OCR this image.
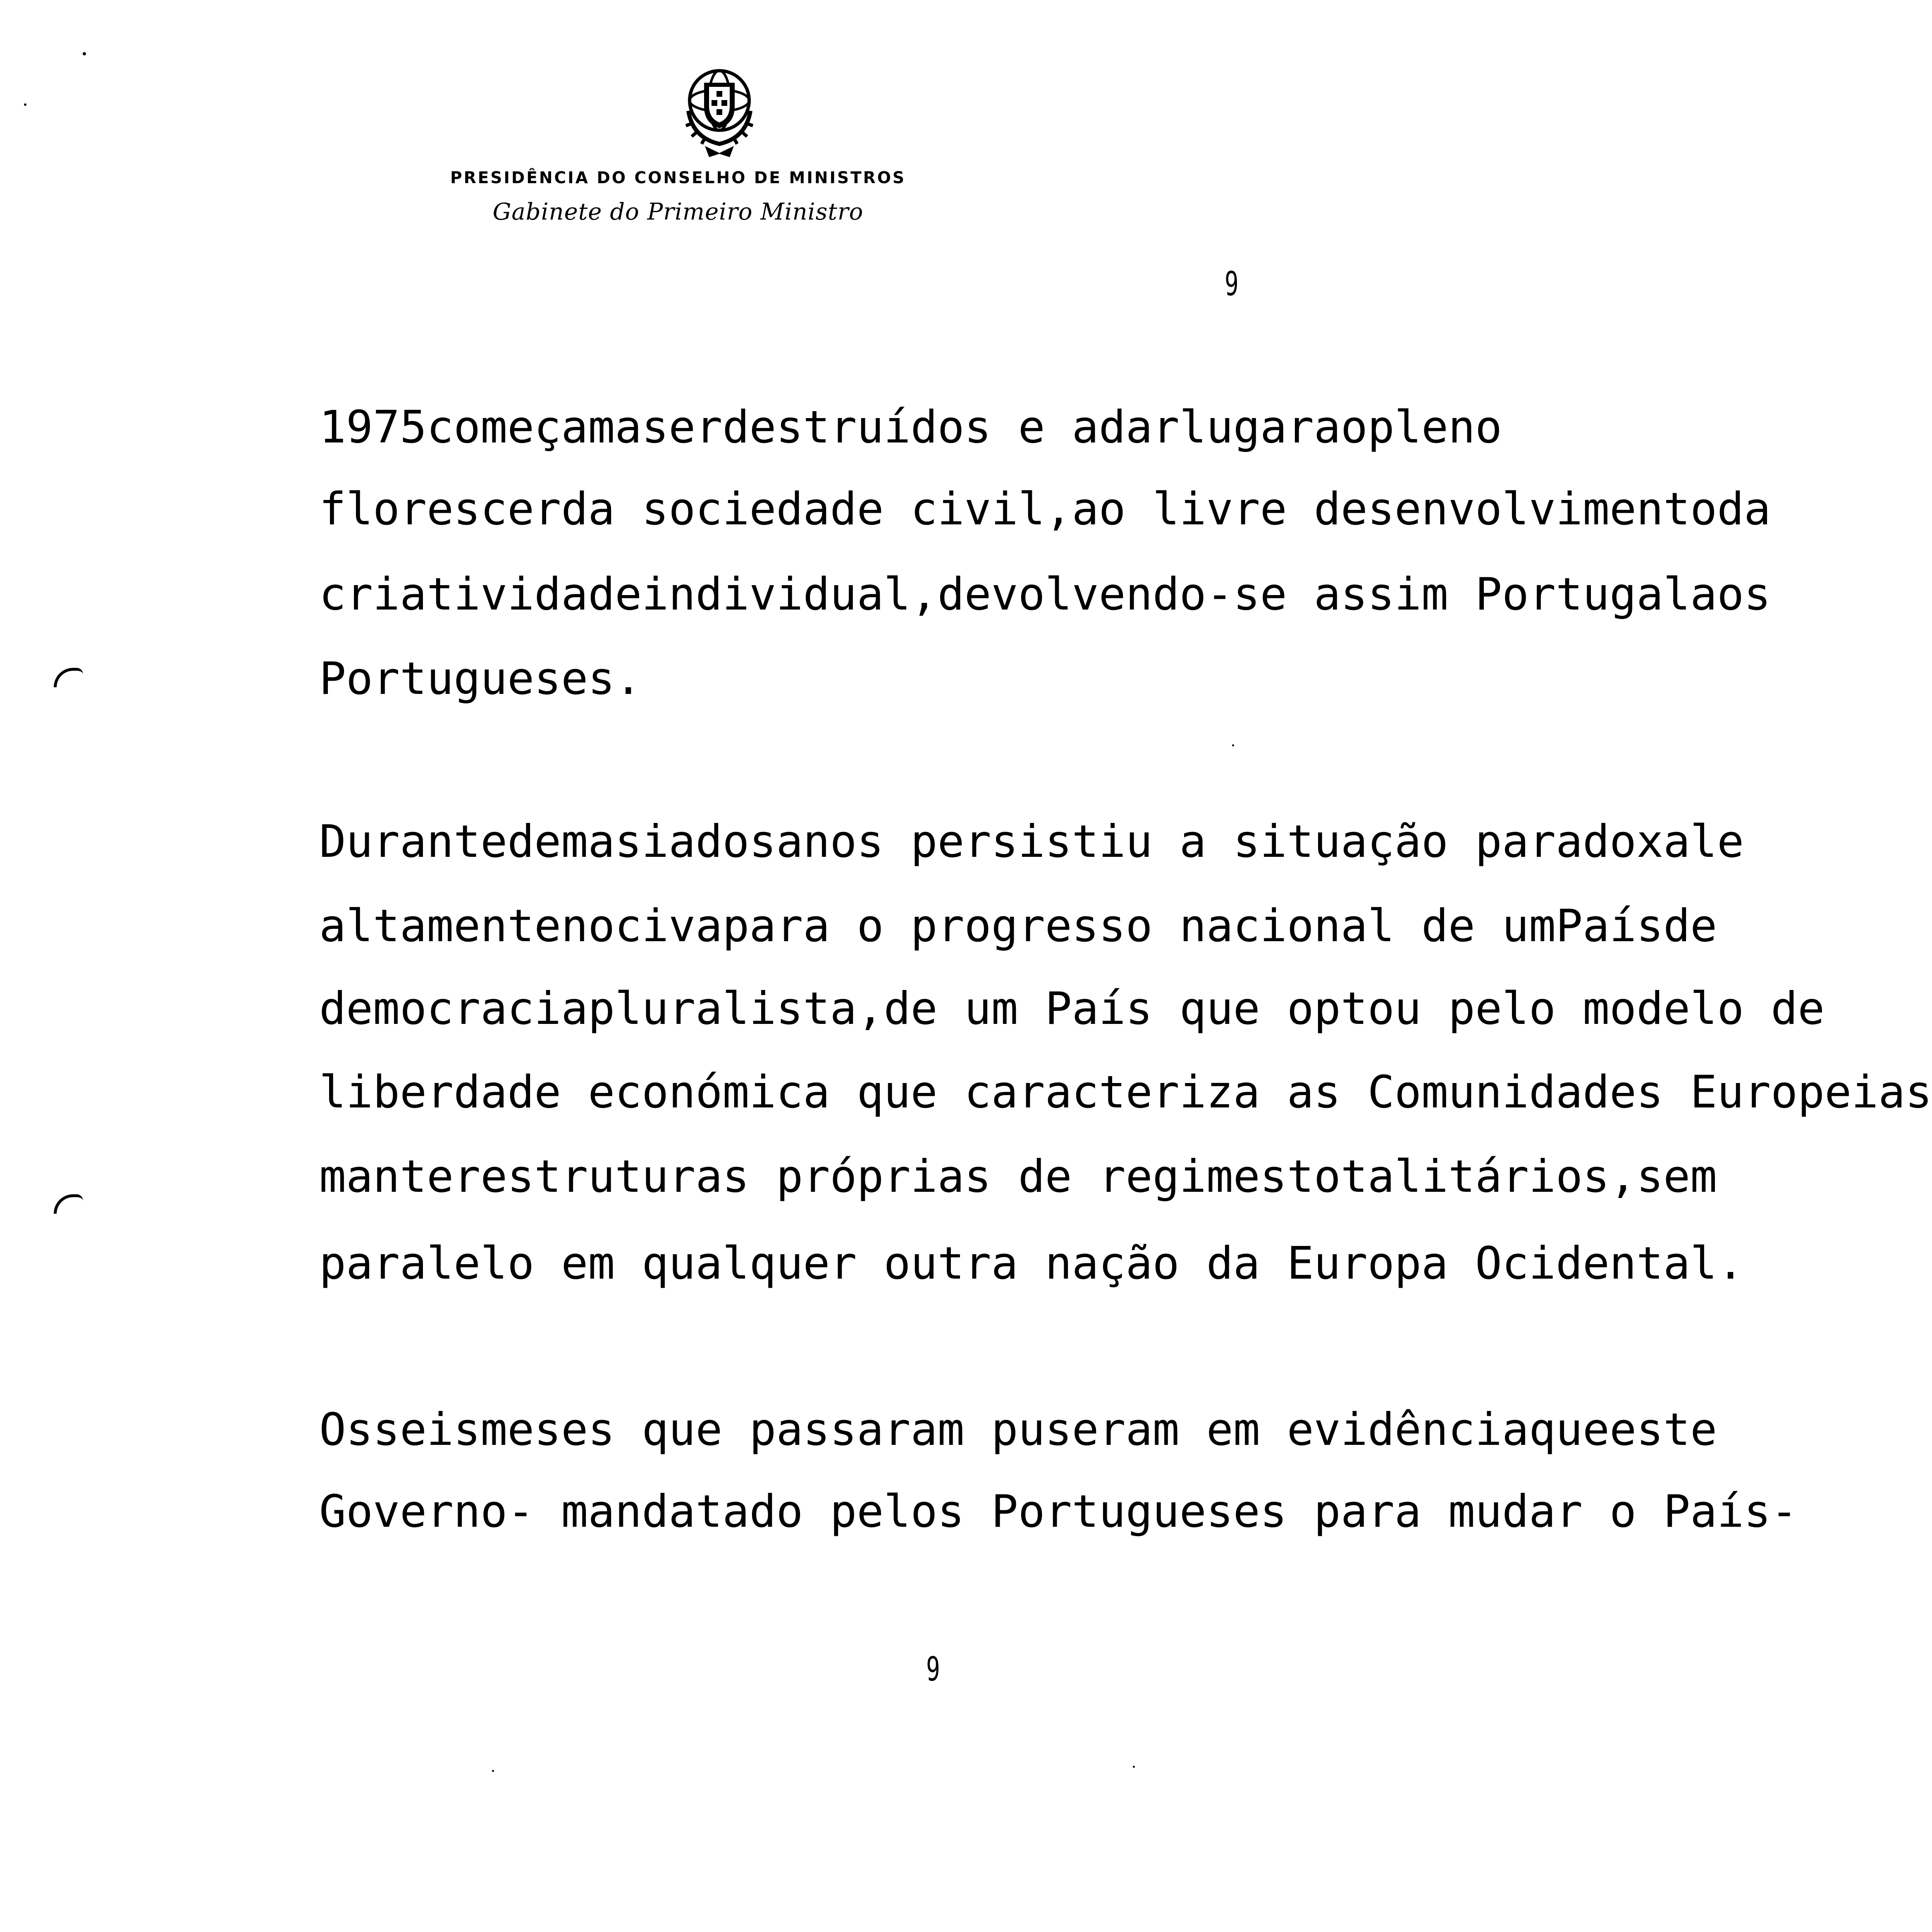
PRESIDÊNCIA DO CONSELHO DE MINISTROS
Gabinete do Primeiro Ministro
9
1975 começam a ser destruídos e a dar lugar ao pleno
florescer da sociedade civil, ao livre desenvolvimento da
criatividade individual, devolvendo-se assim Portugal aos
Portugueses.
Durante demasiados anos persistiu a situação paradoxal e
altamente nociva para o progresso nacional de um País de
democracia pluralista, de um País que optou pelo modelo de
liberdade económica que caracteriza as Comunidades Europeias
manter estruturas próprias de regimes totalitários, sem
paralelo em qualquer outra nação da Europa Ocidental.
Os seis meses que passaram puseram em evidência que este
Governo - mandatado pelos Portugueses para mudar o País -
9
